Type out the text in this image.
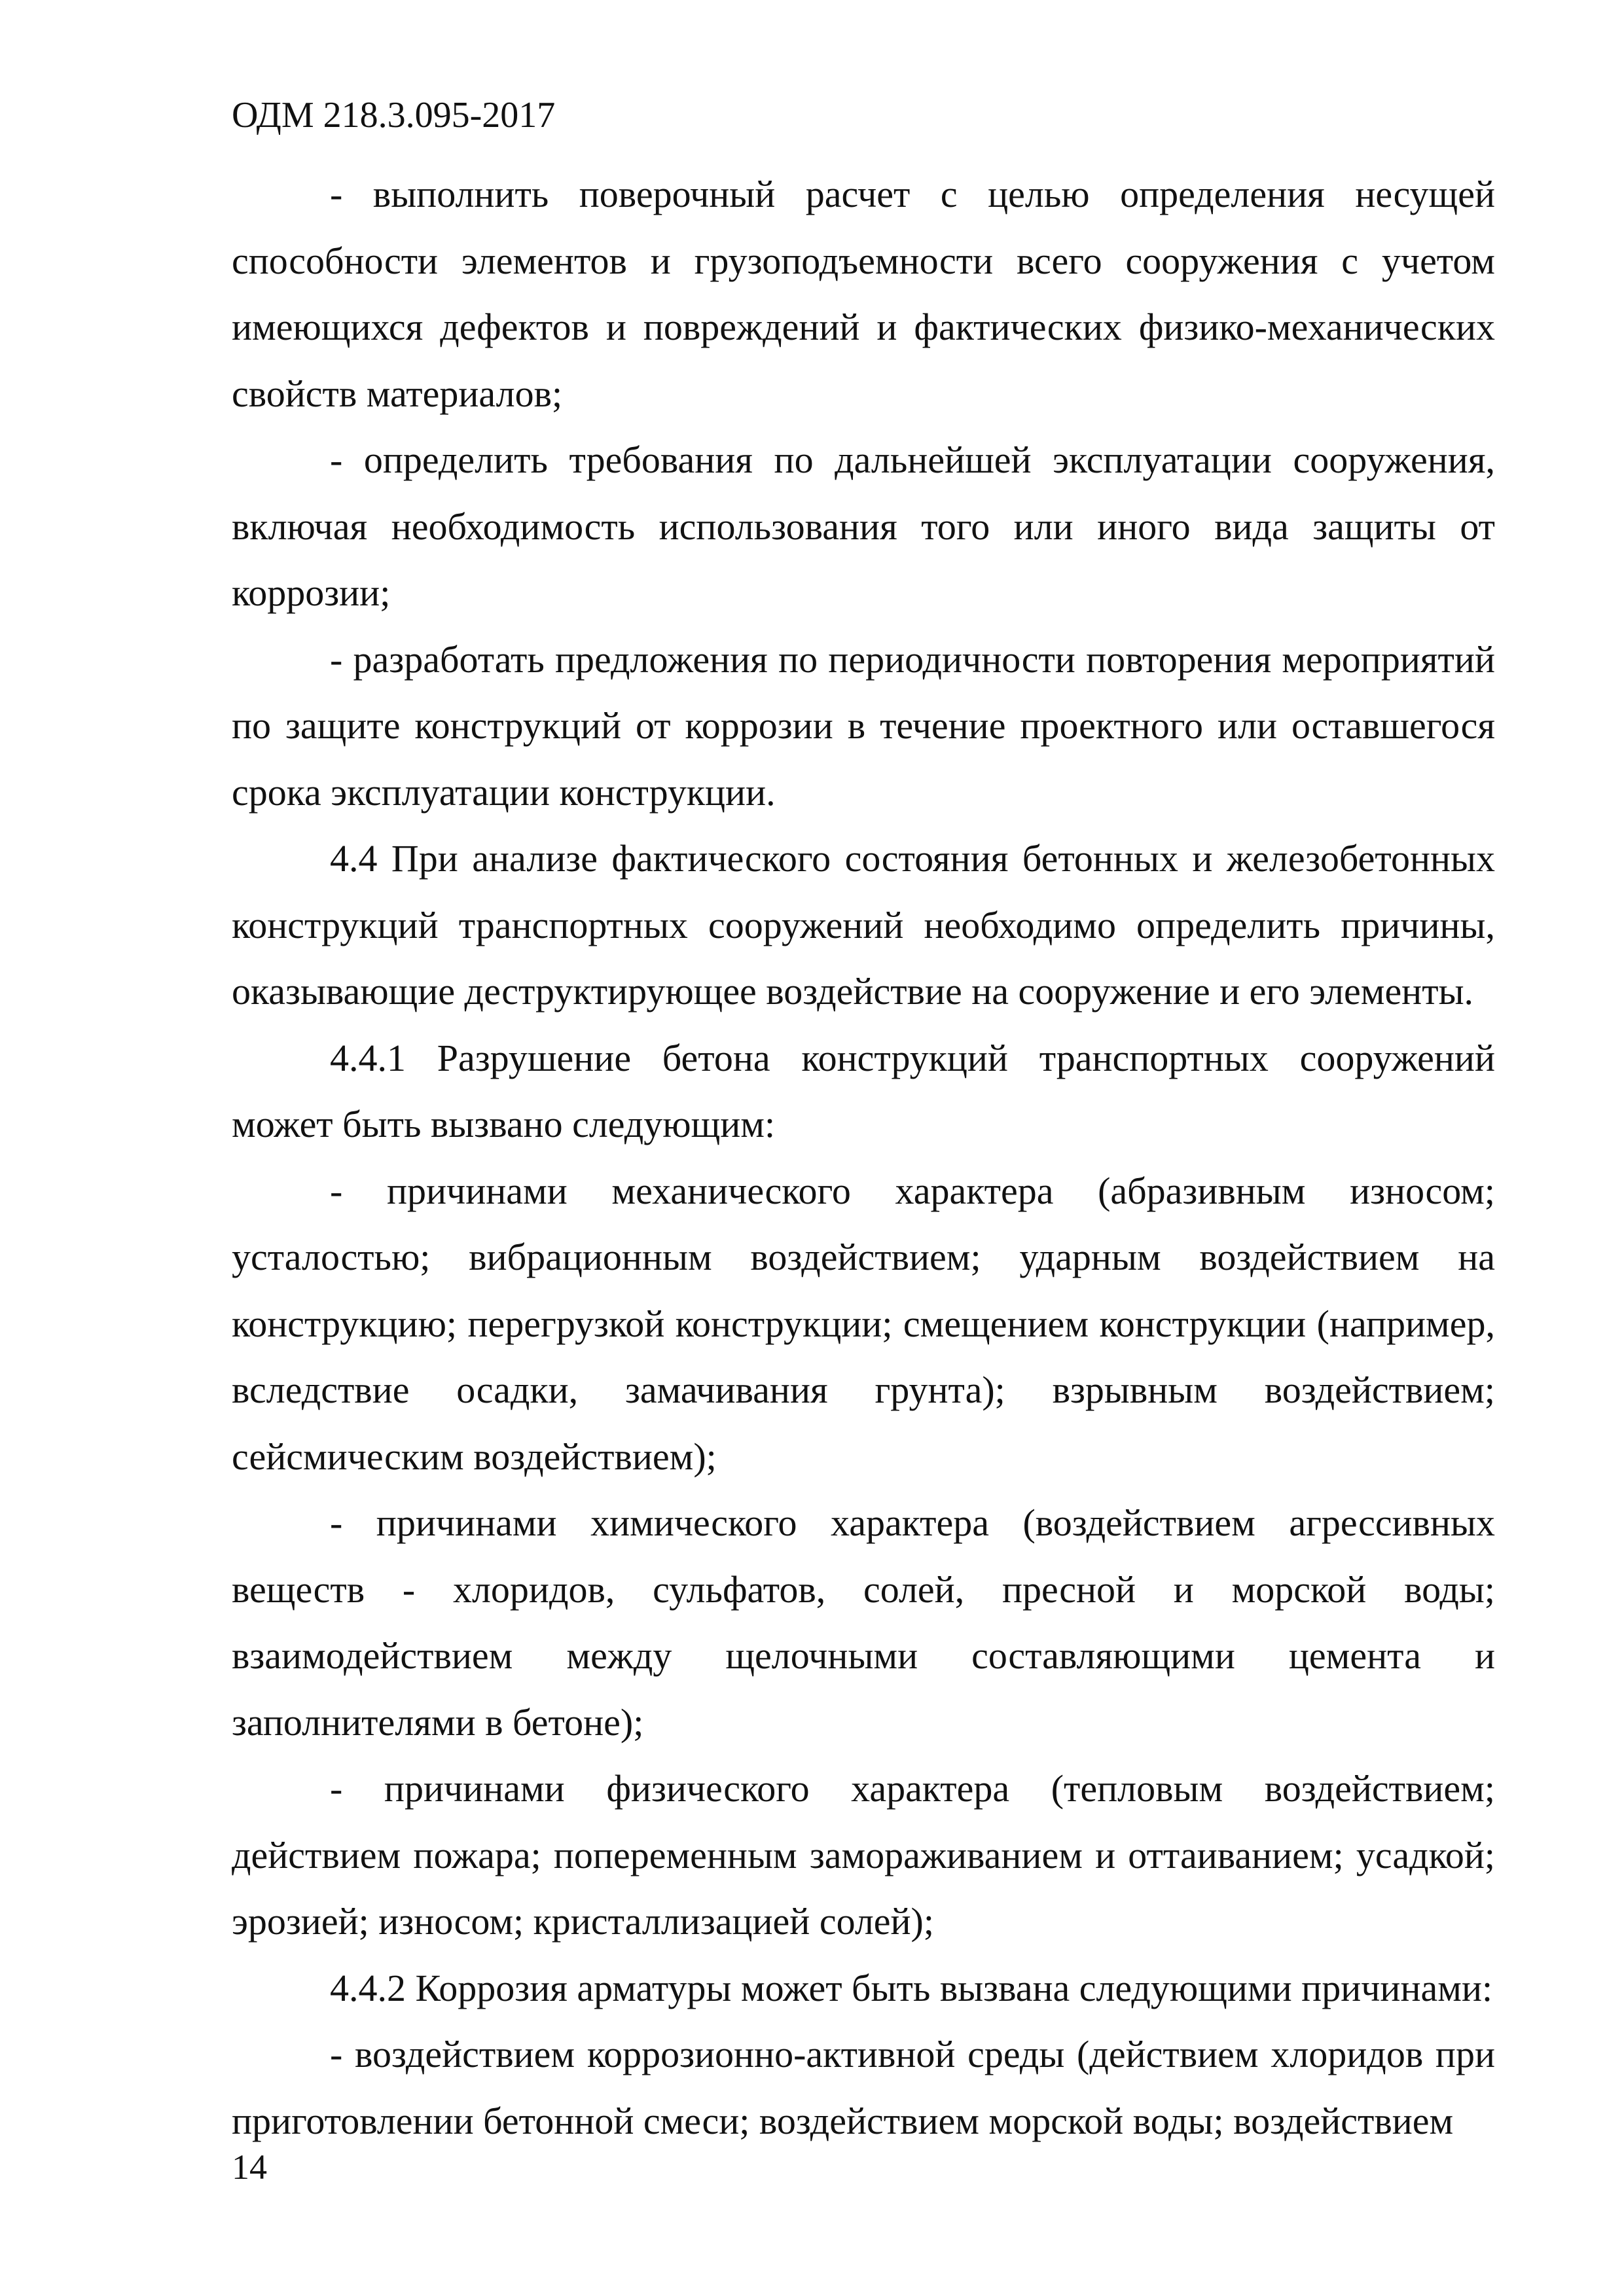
ОДМ 218.3.095-2017

- выполнить поверочный расчет с целью определения несущей способности элементов и грузоподъемности всего сооружения с учетом имеющихся дефектов и повреждений и фактических физико-механических свойств материалов;

- определить требования по дальнейшей эксплуатации сооружения, включая необходимость использования того или иного вида защиты от коррозии;

- разработать предложения по периодичности повторения мероприятий по защите конструкций от коррозии в течение проектного или оставшегося срока эксплуатации конструкции.

4.4 При анализе фактического состояния бетонных и железобетонных конструкций транспортных сооружений необходимо определить причины, оказывающие деструктирующее воздействие на сооружение и его элементы.

4.4.1 Разрушение бетона конструкций транспортных сооружений может быть вызвано следующим:

- причинами механического характера (абразивным износом; усталостью; вибрационным воздействием; ударным воздействием на конструкцию; перегрузкой конструкции; смещением конструкции (например, вследствие осадки, замачивания грунта); взрывным воздействием; сейсмическим воздействием);

- причинами химического характера (воздействием агрессивных веществ - хлоридов, сульфатов, солей, пресной и морской воды; взаимодействием между щелочными составляющими цемента и заполнителями в бетоне);

- причинами физического характера (тепловым воздействием; действием пожара; попеременным замораживанием и оттаиванием; усадкой; эрозией; износом; кристаллизацией солей);

4.4.2 Коррозия арматуры может быть вызвана следующими причинами:

- воздействием коррозионно-активной среды (действием хлоридов при приготовлении бетонной смеси; воздействием морской воды; воздействием

14
